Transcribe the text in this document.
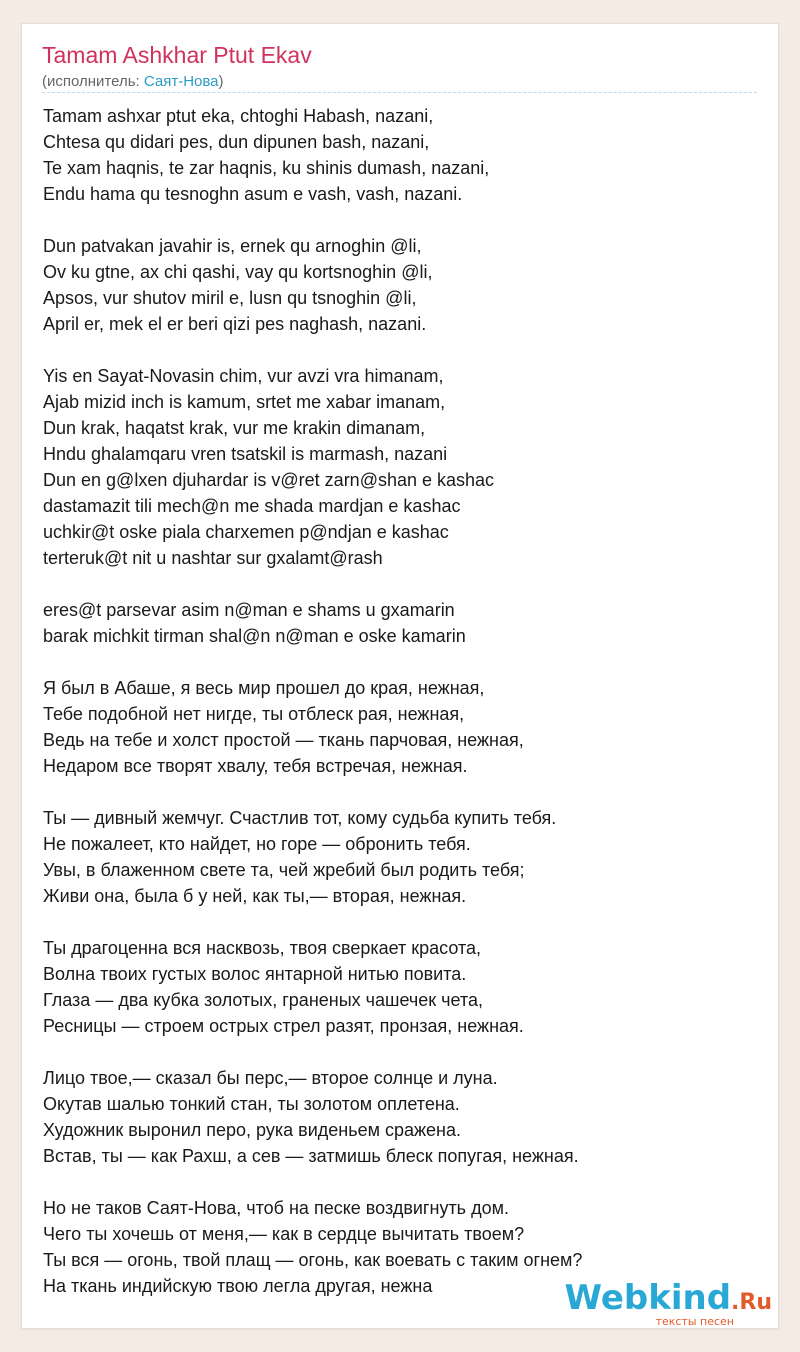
Tamam Ashkhar Ptut Ekav
(исполнитель: Саят-Нова)
Tamam ashxar ptut eka, chtoghi Habash, nazani,
Chtesa qu didari pes, dun dipunen bash, nazani,
Te xam haqnis, te zar haqnis, ku shinis dumash, nazani,
Endu hama qu tesnoghn asum e vash, vash, nazani.
Dun patvakan javahir is, ernek qu arnoghin @li,
Ov ku gtne, ax chi qashi, vay qu kortsnoghin @li,
Apsos, vur shutov miril e, lusn qu tsnoghin @li,
April er, mek el er beri qizi pes naghash, nazani.
Yis en Sayat-Novasin chim, vur avzi vra himanam,
Ajab mizid inch is kamum, srtet me xabar imanam,
Dun krak, haqatst krak, vur me krakin dimanam,
Hndu ghalamqaru vren tsatskil is marmash, nazani
Dun en g@lxen djuhardar is v@ret zarn@shan e kashac
dastamazit tili mech@n me shada mardjan e kashac
uchkir@t oske piala charxemen p@ndjan e kashac
terteruk@t nit u nashtar sur gxalamt@rash
eres@t parsevar asim n@man e shams u gxamarin
barak michkit tirman shal@n n@man e oske kamarin
Я был в Абаше, я весь мир прошел до края, нежная,
Тебе подобной нет нигде, ты отблеск рая, нежная,
Ведь на тебе и холст простой — ткань парчовая, нежная,
Недаром все творят хвалу, тебя встречая, нежная.
Ты — дивный жемчуг. Счастлив тот, кому судьба купить тебя.
Не пожалеет, кто найдет, но горе — обронить тебя.
Увы, в блаженном свете та, чей жребий был родить тебя;
Живи она, была б у ней, как ты,— вторая, нежная.
Ты драгоценна вся насквозь, твоя сверкает красота,
Волна твоих густых волос янтарной нитью повита.
Глаза — два кубка золотых, граненых чашечек чета,
Ресницы — строем острых стрел разят, пронзая, нежная.
Лицо твое,— сказал бы перс,— второе солнце и луна.
Окутав шалью тонкий стан, ты золотом оплетена.
Художник выронил перо, рука виденьем сражена.
Встав, ты — как Рахш, а сев — затмишь блеск попугая, нежная.
Но не таков Саят-Нова, чтоб на песке воздвигнуть дом.
Чего ты хочешь от меня,— как в сердце вычитать твоем?
Ты вся — огонь, твой плащ — огонь, как воевать с таким огнем?
На ткань индийскую твою легла другая, нежна	Webkind.Ru
тексты песен
